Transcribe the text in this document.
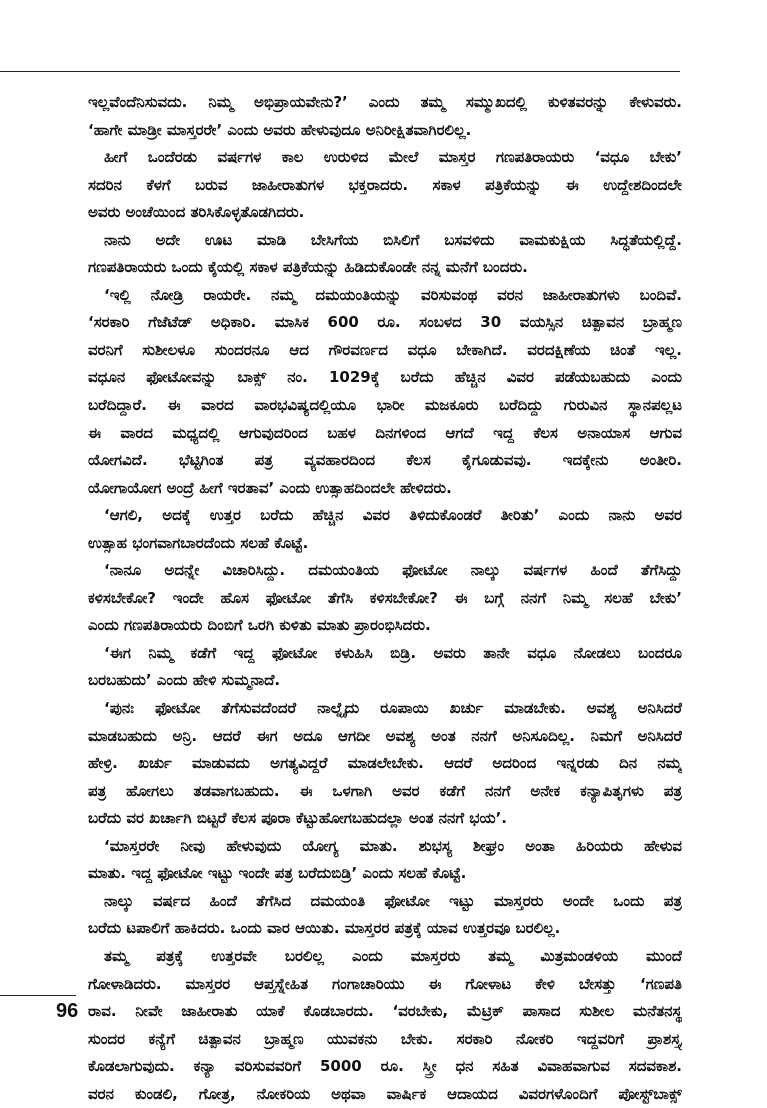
ಇಲ್ಲವೆಂದೆನಿಸುವದು. ನಿಮ್ಮ ಅಭಿಪ್ರಾಯವೇನು?’ ಎಂದು ತಮ್ಮ ಸಮ್ಮುಖದಲ್ಲಿ ಕುಳಿತವರನ್ನು ಕೇಳುವರು.
‘ಹಾಗೇ ಮಾಡ್ರೀ ಮಾಸ್ತರರೇ’ ಎಂದು ಅವರು ಹೇಳುವುದೂ ಅನಿರೀಕ್ಷಿತವಾಗಿರಲಿಲ್ಲ.
ಹೀಗೆ ಒಂದೆರಡು ವರ್ಷಗಳ ಕಾಲ ಉರುಳಿದ ಮೇಲೆ ಮಾಸ್ತರ ಗಣಪತಿರಾಯರು ‘ವಧೂ ಬೇಕು’
ಸದರಿನ ಕೆಳಗೆ ಬರುವ ಜಾಹೀರಾತುಗಳ ಭಕ್ತರಾದರು. ಸಕಾಳ ಪತ್ರಿಕೆಯನ್ನು ಈ ಉದ್ದೇಶದಿಂದಲೇ
ಅವರು ಅಂಚೆಯಿಂದ ತರಿಸಿಕೊಳ್ಳತೊಡಗಿದರು.
ನಾನು ಅದೇ ಊಟ ಮಾಡಿ ಬೇಸಿಗೆಯ ಬಿಸಿಲಿಗೆ ಬಸವಳಿದು ವಾಮಕುಕ್ಷಿಯ ಸಿದ್ಧತೆಯಲ್ಲಿದ್ದೆ.
ಗಣಪತಿರಾಯರು ಒಂದು ಕೈಯಲ್ಲಿ ಸಕಾಳ ಪತ್ರಿಕೆಯನ್ನು ಹಿಡಿದುಕೊಂಡೇ ನನ್ನ ಮನೆಗೆ ಬಂದರು.
‘ಇಲ್ಲಿ ನೋಡ್ರಿ ರಾಯರೇ. ನಮ್ಮ ದಮಯಂತಿಯನ್ನು ವರಿಸುವಂಥ ವರನ ಜಾಹೀರಾತುಗಳು ಬಂದಿವೆ.
‘ಸರಕಾರಿ ಗೆಜೆಟೆಡ್ ಅಧಿಕಾರಿ. ಮಾಸಿಕ 600 ರೂ. ಸಂಬಳದ 30 ವಯಸ್ಸಿನ ಚಿತ್ಪಾವನ ಬ್ರಾಹ್ಮಣ
ವರನಿಗೆ ಸುಶೀಲಳೂ ಸುಂದರನೂ ಆದ ಗೌರವರ್ಣದ ವಧೂ ಬೇಕಾಗಿದೆ. ವರದಕ್ಷಿಣೆಯ ಚಿಂತೆ ಇಲ್ಲ.
ವಧೂನ ಫೋಟೋವನ್ನು ಬಾಕ್ಸ್ ನಂ. 1029ಕ್ಕೆ ಬರೆದು ಹೆಚ್ಚಿನ ವಿವರ ಪಡೆಯಬಹುದು ಎಂದು
ಬರೆದಿದ್ದಾರೆ. ಈ ವಾರದ ವಾರಭವಿಷ್ಯದಲ್ಲಿಯೂ ಭಾರೀ ಮಜಕೂರು ಬರೆದಿದ್ದು ಗುರುವಿನ ಸ್ಥಾನಪಲ್ಲಟ
ಈ ವಾರದ ಮಧ್ಯದಲ್ಲಿ ಆಗುವುದರಿಂದ ಬಹಳ ದಿನಗಳಿಂದ ಆಗದೆ ಇದ್ದ ಕೆಲಸ ಅನಾಯಾಸ ಆಗುವ
ಯೋಗವಿದೆ. ಭೆಟ್ಟಿಗಿಂತ ಪತ್ರ ವ್ಯವಹಾರದಿಂದ ಕೆಲಸ ಕೈಗೂಡುವವು. ಇದಕ್ಕೇನು ಅಂತೀರಿ.
ಯೋಗಾಯೋಗ ಅಂದ್ರೆ ಹೀಗೆ ಇರತಾವ’ ಎಂದು ಉತ್ಸಾಹದಿಂದಲೇ ಹೇಳಿದರು.
‘ಆಗಲಿ, ಅದಕ್ಕೆ ಉತ್ತರ ಬರೆದು ಹೆಚ್ಚಿನ ವಿವರ ತಿಳಿದುಕೊಂಡರೆ ತೀರಿತು’ ಎಂದು ನಾನು ಅವರ
ಉತ್ಸಾಹ ಭಂಗವಾಗಬಾರದೆಂದು ಸಲಹೆ ಕೊಟ್ಟೆ.
‘ನಾನೂ ಅದನ್ನೇ ವಿಚಾರಿಸಿದ್ದು. ದಮಯಂತಿಯ ಫೋಟೋ ನಾಲ್ಕು ವರ್ಷಗಳ ಹಿಂದೆ ತೆಗೆಸಿದ್ದು
ಕಳಿಸಬೇಕೋ? ಇಂದೇ ಹೊಸ ಫೋಟೋ ತೆಗೆಸಿ ಕಳಿಸಬೇಕೋ? ಈ ಬಗ್ಗೆ ನನಗೆ ನಿಮ್ಮ ಸಲಹೆ ಬೇಕು’
ಎಂದು ಗಣಪತಿರಾಯರು ದಿಂಬಿಗೆ ಒರಗಿ ಕುಳಿತು ಮಾತು ಪ್ರಾರಂಭಿಸಿದರು.
‘ಈಗ ನಿಮ್ಮ ಕಡೆಗೆ ಇದ್ದ ಫೋಟೋ ಕಳುಹಿಸಿ ಬಿಡ್ರಿ. ಅವರು ತಾನೇ ವಧೂ ನೋಡಲು ಬಂದರೂ
ಬರಬಹುದು’ ಎಂದು ಹೇಳಿ ಸುಮ್ಮನಾದೆ.
‘ಪುನಃ ಫೋಟೋ ತೆಗೆಸುವದೆಂದರೆ ನಾಲ್ನೈದು ರೂಪಾಯಿ ಖರ್ಚು ಮಾಡಬೇಕು. ಅವಶ್ಯ ಅನಿಸಿದರೆ
ಮಾಡಬಹುದು ಅನ್ರಿ. ಆದರೆ ಈಗ ಅದೂ ಆಗದೀ ಅವಶ್ಯ ಅಂತ ನನಗೆ ಅನಿಸೂದಿಲ್ಲ. ನಿಮಗೆ ಅನಿಸಿದರೆ
ಹೇಳ್ರಿ. ಖರ್ಚು ಮಾಡುವದು ಅಗತ್ಯವಿದ್ದರೆ ಮಾಡಲೇಬೇಕು. ಆದರೆ ಅದರಿಂದ ಇನ್ನರಡು ದಿನ ನಮ್ಮ
ಪತ್ರ ಹೋಗಲು ತಡವಾಗಬಹುದು. ಈ ಒಳಗಾಗಿ ಅವರ ಕಡೆಗೆ ನನಗೆ ಅನೇಕ ಕನ್ಯಾಪಿತೃಗಳು ಪತ್ರ
ಬರೆದು ವರ ಖರ್ಚಾಗಿ ಬಿಟ್ಟರೆ ಕೆಲಸ ಪೂರಾ ಕೆಟ್ಟುಹೋಗಬಹುದಲ್ಲಾ ಅಂತ ನನಗೆ ಭಯ’.
‘ಮಾಸ್ತರರೇ ನೀವು ಹೇಳುವುದು ಯೋಗ್ಯ ಮಾತು. ಶುಭಸ್ಯ ಶೀಘ್ರಂ ಅಂತಾ ಹಿರಿಯರು ಹೇಳುವ
ಮಾತು. ಇದ್ದ ಫೋಟೋ ಇಟ್ಟು ಇಂದೇ ಪತ್ರ ಬರೆದುಬಿಡ್ರಿ’ ಎಂದು ಸಲಹೆ ಕೊಟ್ಟೆ.
ನಾಲ್ಕು ವರ್ಷದ ಹಿಂದೆ ತೆಗೆಸಿದ ದಮಯಂತಿ ಫೋಟೋ ಇಟ್ಟು ಮಾಸ್ತರರು ಅಂದೇ ಒಂದು ಪತ್ರ
ಬರೆದು ಟಪಾಲಿಗೆ ಹಾಕಿದರು. ಒಂದು ವಾರ ಆಯಿತು. ಮಾಸ್ತರರ ಪತ್ರಕ್ಕೆ ಯಾವ ಉತ್ತರವೂ ಬರಲಿಲ್ಲ.
ತಮ್ಮ ಪತ್ರಕ್ಕೆ ಉತ್ತರವೇ ಬರಲಿಲ್ಲ ಎಂದು ಮಾಸ್ತರರು ತಮ್ಮ ಮಿತ್ರಮಂಡಳಿಯ ಮುಂದೆ
ಗೋಳಾಡಿದರು. ಮಾಸ್ತರರ ಆಪ್ತಸ್ನೇಹಿತ ಗಂಗಾಚಾರಿಯು ಈ ಗೋಳಾಟ ಕೇಳಿ ಬೇಸತ್ತು ‘ಗಣಪತಿ
ರಾವ. ನೀವೇ ಜಾಹೀರಾತು ಯಾಕೆ ಕೊಡಬಾರದು. ‘ವರಬೇಕು, ಮೆಟ್ರಿಕ್ ಪಾಸಾದ ಸುಶೀಲ ಮನೆತನಸ್ಥ
ಸುಂದರ ಕನ್ಯೆಗೆ ಚಿತ್ಪಾವನ ಬ್ರಾಹ್ಮಣ ಯುವಕನು ಬೇಕು. ಸರಕಾರಿ ನೋಕರಿ ಇದ್ದವರಿಗೆ ಪ್ರಾಶಸ್ತ್ಯ
ಕೊಡಲಾಗುವುದು. ಕನ್ಯಾ ವರಿಸುವವರಿಗೆ 5000 ರೂ. ಸ್ತ್ರೀ ಧನ ಸಹಿತ ವಿವಾಹವಾಗುವ ಸದವಕಾಶ.
ವರನ ಕುಂಡಲಿ, ಗೋತ್ರ, ನೋಕರಿಯ ಅಥವಾ ವಾರ್ಷಿಕ ಆದಾಯದ ವಿವರಗಳೊಂದಿಗೆ ಪೋಸ್ಟ್‌ಬಾಕ್ಸ್
96
